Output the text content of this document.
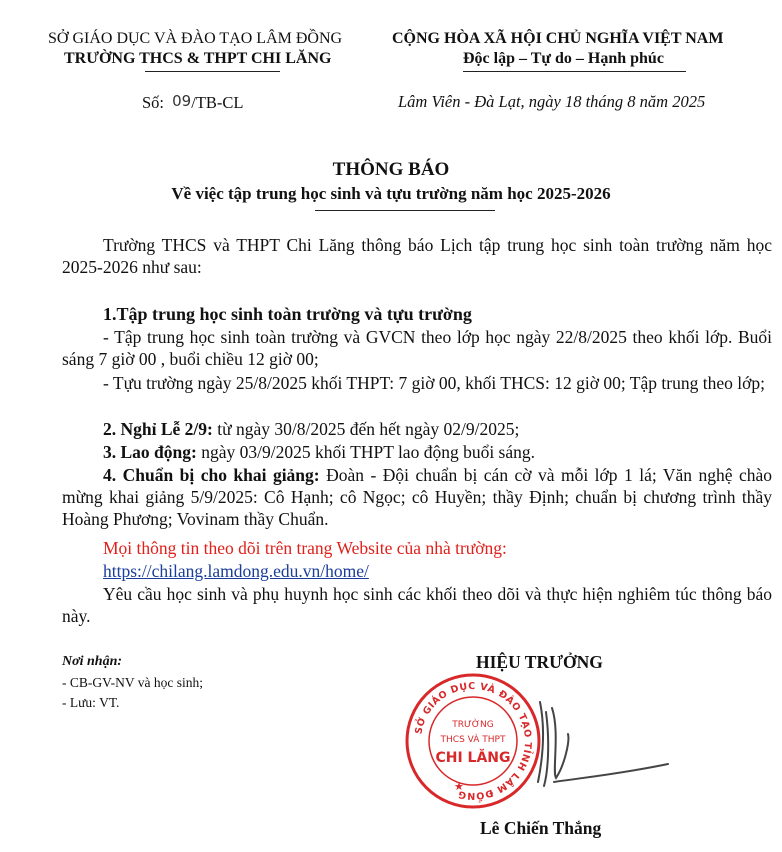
SỞ GIÁO DỤC VÀ ĐÀO TẠO LÂM ĐỒNG
TRƯỜNG THCS & THPT CHI LĂNG
CỘNG HÒA XÃ HỘI CHỦ NGHĨA VIỆT NAM
Độc lập – Tự do – Hạnh phúc
Số: 09/TB-CL	Lâm Viên - Đà Lạt, ngày 18 tháng 8 năm 2025
THÔNG BÁO
Về việc tập trung học sinh và tựu trường năm học 2025-2026
Trường THCS và THPT Chi Lăng thông báo Lịch tập trung học sinh toàn trường năm học 2025-2026 như sau:
1.Tập trung học sinh toàn trường và tựu trường
- Tập trung học sinh toàn trường và GVCN theo lớp học ngày 22/8/2025 theo khối lớp. Buổi sáng 7 giờ 00 , buổi chiều 12 giờ 00;
- Tựu trường ngày 25/8/2025 khối THPT: 7 giờ 00, khối THCS: 12 giờ 00; Tập trung theo lớp;
2. Nghỉ Lễ 2/9: từ ngày 30/8/2025 đến hết ngày 02/9/2025;
3. Lao động: ngày 03/9/2025 khối THPT lao động buổi sáng.
4. Chuẩn bị cho khai giảng: Đoàn - Đội chuẩn bị cán cờ và mỗi lớp 1 lá; Văn nghệ chào mừng khai giảng 5/9/2025: Cô Hạnh; cô Ngọc; cô Huyền; thầy Định; chuẩn bị chương trình thầy Hoàng Phương; Vovinam thầy Chuẩn.
Mọi thông tin theo dõi trên trang Website của nhà trường:
https://chilang.lamdong.edu.vn/home/
Yêu cầu học sinh và phụ huynh học sinh các khối theo dõi và thực hiện nghiêm túc thông báo này.
Nơi nhận:
- CB-GV-NV và học sinh;
- Lưu: VT.
HIỆU TRƯỞNG
SỞ GIÁO DỤC VÀ ĐÀO TẠO TỈNH LÂM ĐỒNG
★
TRƯỜNG
THCS VÀ THPT
CHI LĂNG
Lê Chiến Thắng
